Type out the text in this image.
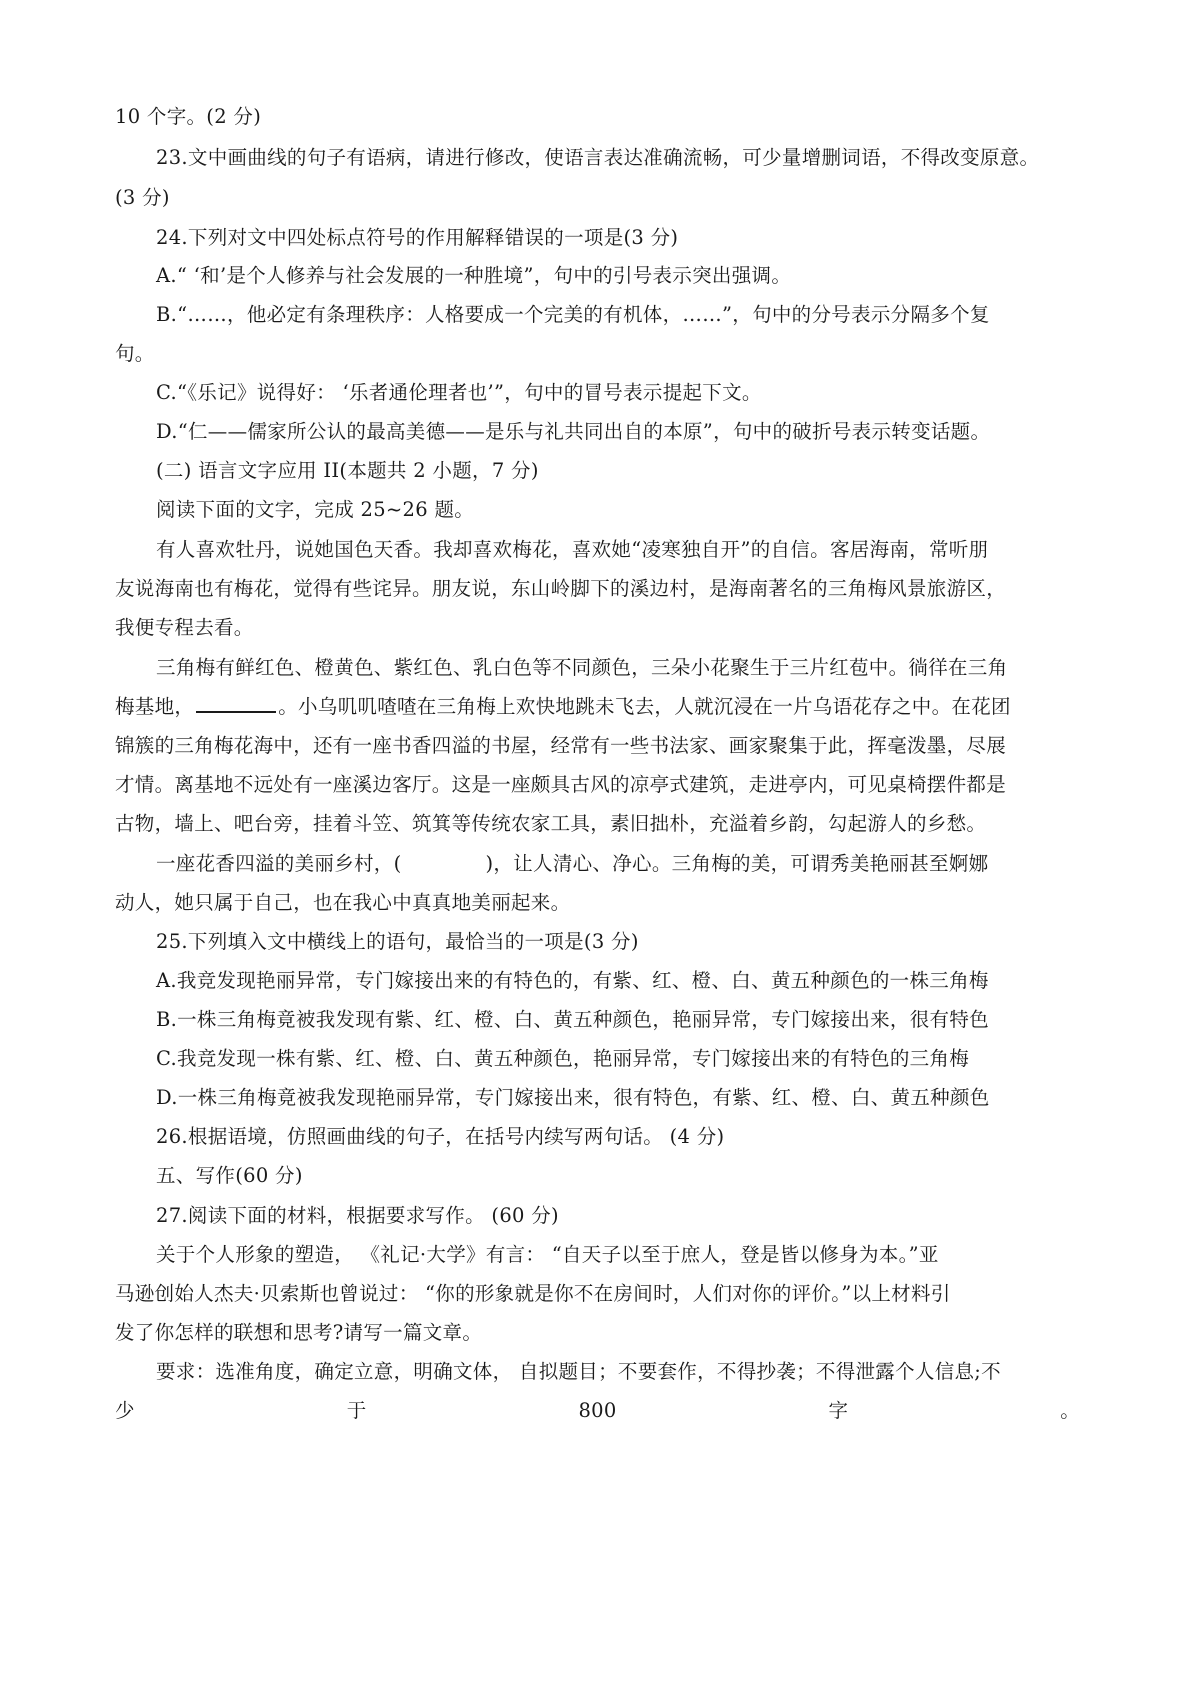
10 个字。(2 分)
23.文中画曲线的句子有语病，请进行修改，使语言表达准确流畅，可少量增删词语，不得改变原意。
(3 分)
24.下列对文中四处标点符号的作用解释错误的一项是(3 分)
A.“ ‘和’是个人修养与社会发展的一种胜境”，句中的引号表示突出强调。
B.“……，他必定有条理秩序：人格要成一个完美的有机体，……”，句中的分号表示分隔多个复
句。
C.“《乐记》说得好： ‘乐者通伦理者也’”，句中的冒号表示提起下文。
D.“仁——儒家所公认的最高美德——是乐与礼共同出自的本原”，句中的破折号表示转变话题。
(二) 语言文字应用 II(本题共 2 小题，7 分)
阅读下面的文字，完成 25~26 题。
有人喜欢牡丹，说她国色天香。我却喜欢梅花，喜欢她“凌寒独自开”的自信。客居海南，常听朋
友说海南也有梅花，觉得有些诧异。朋友说，东山岭脚下的溪边村，是海南著名的三角梅风景旅游区，
我便专程去看。
三角梅有鲜红色、橙黄色、紫红色、乳白色等不同颜色，三朵小花聚生于三片红苞中。徜徉在三角
梅基地，	。小乌叽叽喳喳在三角梅上欢快地跳未飞去，人就沉浸在一片乌语花存之中。在花团
锦簇的三角梅花海中，还有一座书香四溢的书屋，经常有一些书法家、画家聚集于此，挥毫泼墨，尽展
才情。离基地不远处有一座溪边客厅。这是一座颇具古风的凉亭式建筑，走进亭内，可见桌椅摆件都是
古物，墙上、吧台旁，挂着斗笠、筑箕等传统农家工具，素旧拙朴，充溢着乡韵，勾起游人的乡愁。
一座花香四溢的美丽乡村，(	)，让人清心、净心。三角梅的美，可谓秀美艳丽甚至婀娜
动人，她只属于自己，也在我心中真真地美丽起来。
25.下列填入文中横线上的语句，最恰当的一项是(3 分)
A.我竞发现艳丽异常，专门嫁接出来的有特色的，有紫、红、橙、白、黄五种颜色的一株三角梅
B.一株三角梅竟被我发现有紫、红、橙、白、黄五种颜色，艳丽异常，专门嫁接出来，很有特色
C.我竞发现一株有紫、红、橙、白、黄五种颜色，艳丽异常，专门嫁接出来的有特色的三角梅
D.一株三角梅竟被我发现艳丽异常，专门嫁接出来，很有特色，有紫、红、橙、白、黄五种颜色
26.根据语境，仿照画曲线的句子，在括号内续写两句话。 (4 分)
五、写作(60 分)
27.阅读下面的材料，根据要求写作。 (60 分)
关于个人形象的塑造， 《礼记·大学》有言： “自天子以至于庶人，登是皆以修身为本。”亚
马逊创始人杰夫·贝索斯也曾说过： “你的形象就是你不在房间时，人们对你的评价。”以上材料引
发了你怎样的联想和思考?请写一篇文章。
要求：选准角度，确定立意，明确文体， 自拟题目；不要套作，不得抄袭；不得泄露个人信息;不
少	于	800	字	。
